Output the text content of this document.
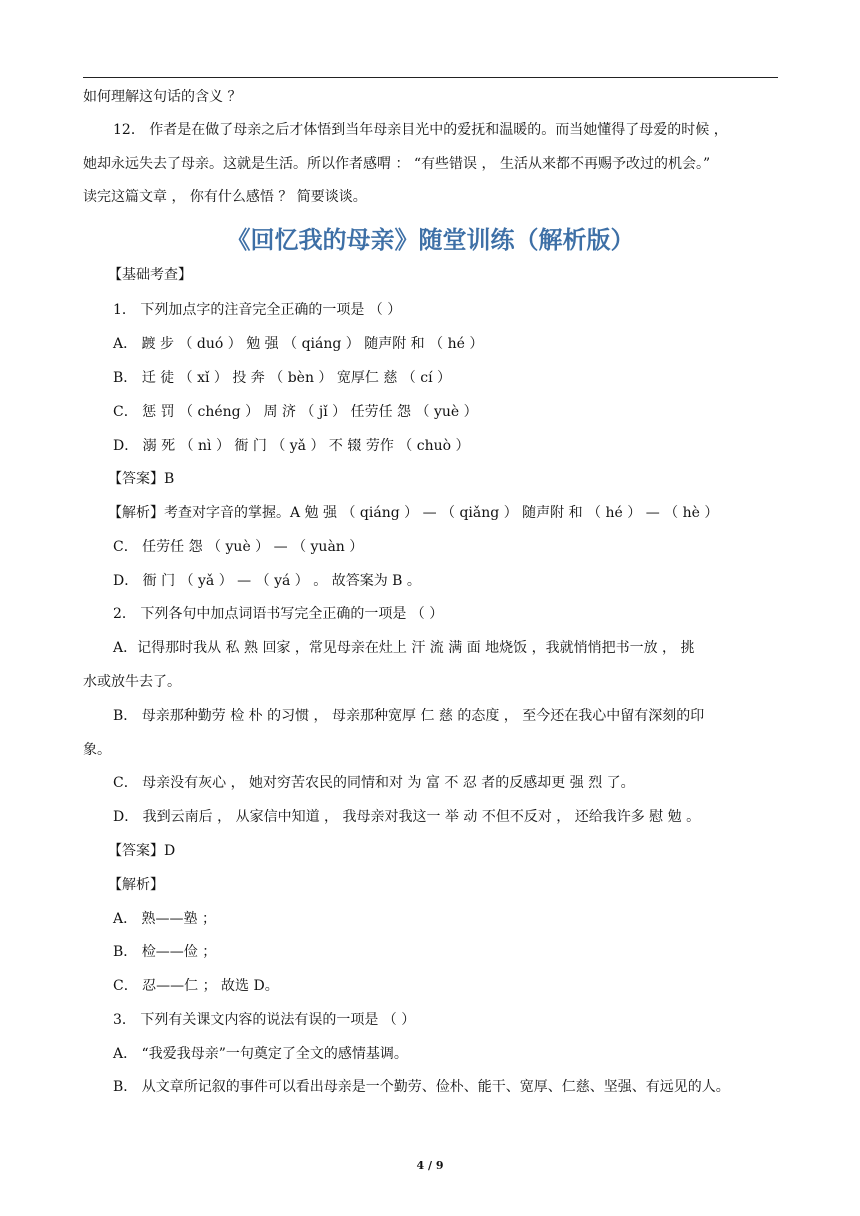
如何理解这句话的含义 ？
12． 作者是在做了母亲之后才体悟到当年母亲目光中的爱抚和温暖的。而当她懂得了母爱的时候 ，
她却永远失去了母亲。这就是生活。所以作者感喟 ： “有些错误 ， 生活从来都不再赐予改过的机会。”
读完这篇文章 ， 你有什么感悟 ？ 简要谈谈。
《回忆我的母亲》随堂训练（解析版）
【基础考查】
1． 下列加点字的注音完全正确的一项是 （ ）
A． 踱 步 （ duó ） 勉 强 （ qiáng ） 随声附 和 （ hé ）
B． 迁 徒 （ xǐ ） 投 奔 （ bèn ） 宽厚仁 慈 （ cí ）
C． 惩 罚 （ chéng ） 周 济 （ jǐ ） 任劳任 怨 （ yuè ）
D． 溺 死 （ nì ） 衙 门 （ yǎ ） 不 辍 劳作 （ chuò ）
【答案】B
【解析】考查对字音的掌握。A 勉 强 （ qiáng ） — （ qiǎng ） 随声附 和 （ hé ） — （ hè ）
C． 任劳任 怨 （ yuè ） — （ yuàn ）
D． 衙 门 （ yǎ ） — （ yá ） 。 故答案为 B 。
2． 下列各句中加点词语书写完全正确的一项是 （ ）
A．记得那时我从 私 熟 回家 ，常见母亲在灶上 汗 流 满 面 地烧饭 ，我就悄悄把书一放 ， 挑
水或放牛去了。
B． 母亲那种勤劳 检 朴 的习惯 ， 母亲那种宽厚 仁 慈 的态度 ， 至今还在我心中留有深刻的印
象。
C． 母亲没有灰心 ， 她对穷苦农民的同情和对 为 富 不 忍 者的反感却更 强 烈 了。
D． 我到云南后 ， 从家信中知道 ， 我母亲对我这一 举 动 不但不反对 ， 还给我许多 慰 勉 。
【答案】D
【解析】
A． 熟——塾 ；
B． 检——俭 ；
C． 忍——仁 ； 故选 D。
3． 下列有关课文内容的说法有误的一项是 （ ）
A． “我爱我母亲”一句奠定了全文的感情基调。
B． 从文章所记叙的事件可以看出母亲是一个勤劳、俭朴、能干、宽厚、仁慈、坚强、有远见的人。
4 / 9
